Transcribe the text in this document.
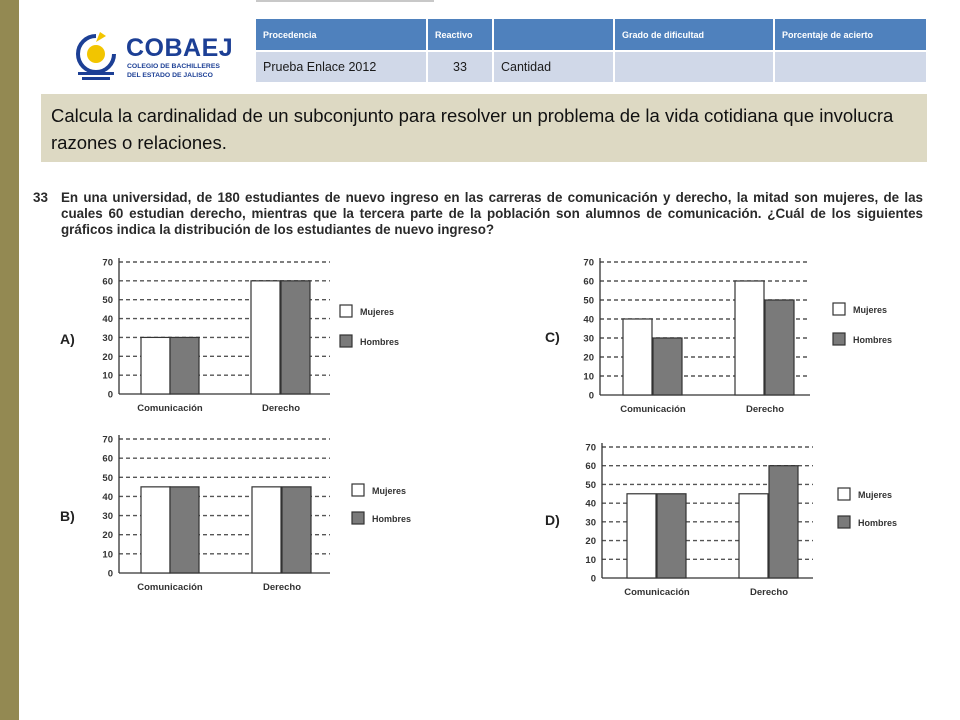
COBAEJ
COLEGIO DE BACHILLERES
DEL ESTADO DE JALISCO
Procedencia	Reactivo		Grado de dificultad	Porcentaje de acierto
Prueba Enlace 2012	33	Cantidad		
Calcula la cardinalidad de un subconjunto para resolver un problema de la vida cotidiana que involucra razones o relaciones.
33 En una universidad, de 180 estudiantes de nuevo ingreso en las carreras de comunicación y derecho, la mitad son mujeres, de las cuales 60 estudian derecho, mientras que la tercera parte de la población son alumnos de comunicación. ¿Cuál de los siguientes gráficos indica la distribución de los estudiantes de nuevo ingreso?
0
10
20
30
40
50
60
70
Comunicación	Derecho
A)
Mujeres
Hombres
0
10
20
30
40
50
60
70
Comunicación	Derecho
B)
Mujeres
Hombres
0
10
20
30
40
50
60
70
Comunicación	Derecho
C)
Mujeres
Hombres
0
10
20
30
40
50
60
70
Comunicación	Derecho
D)
Mujeres
Hombres
